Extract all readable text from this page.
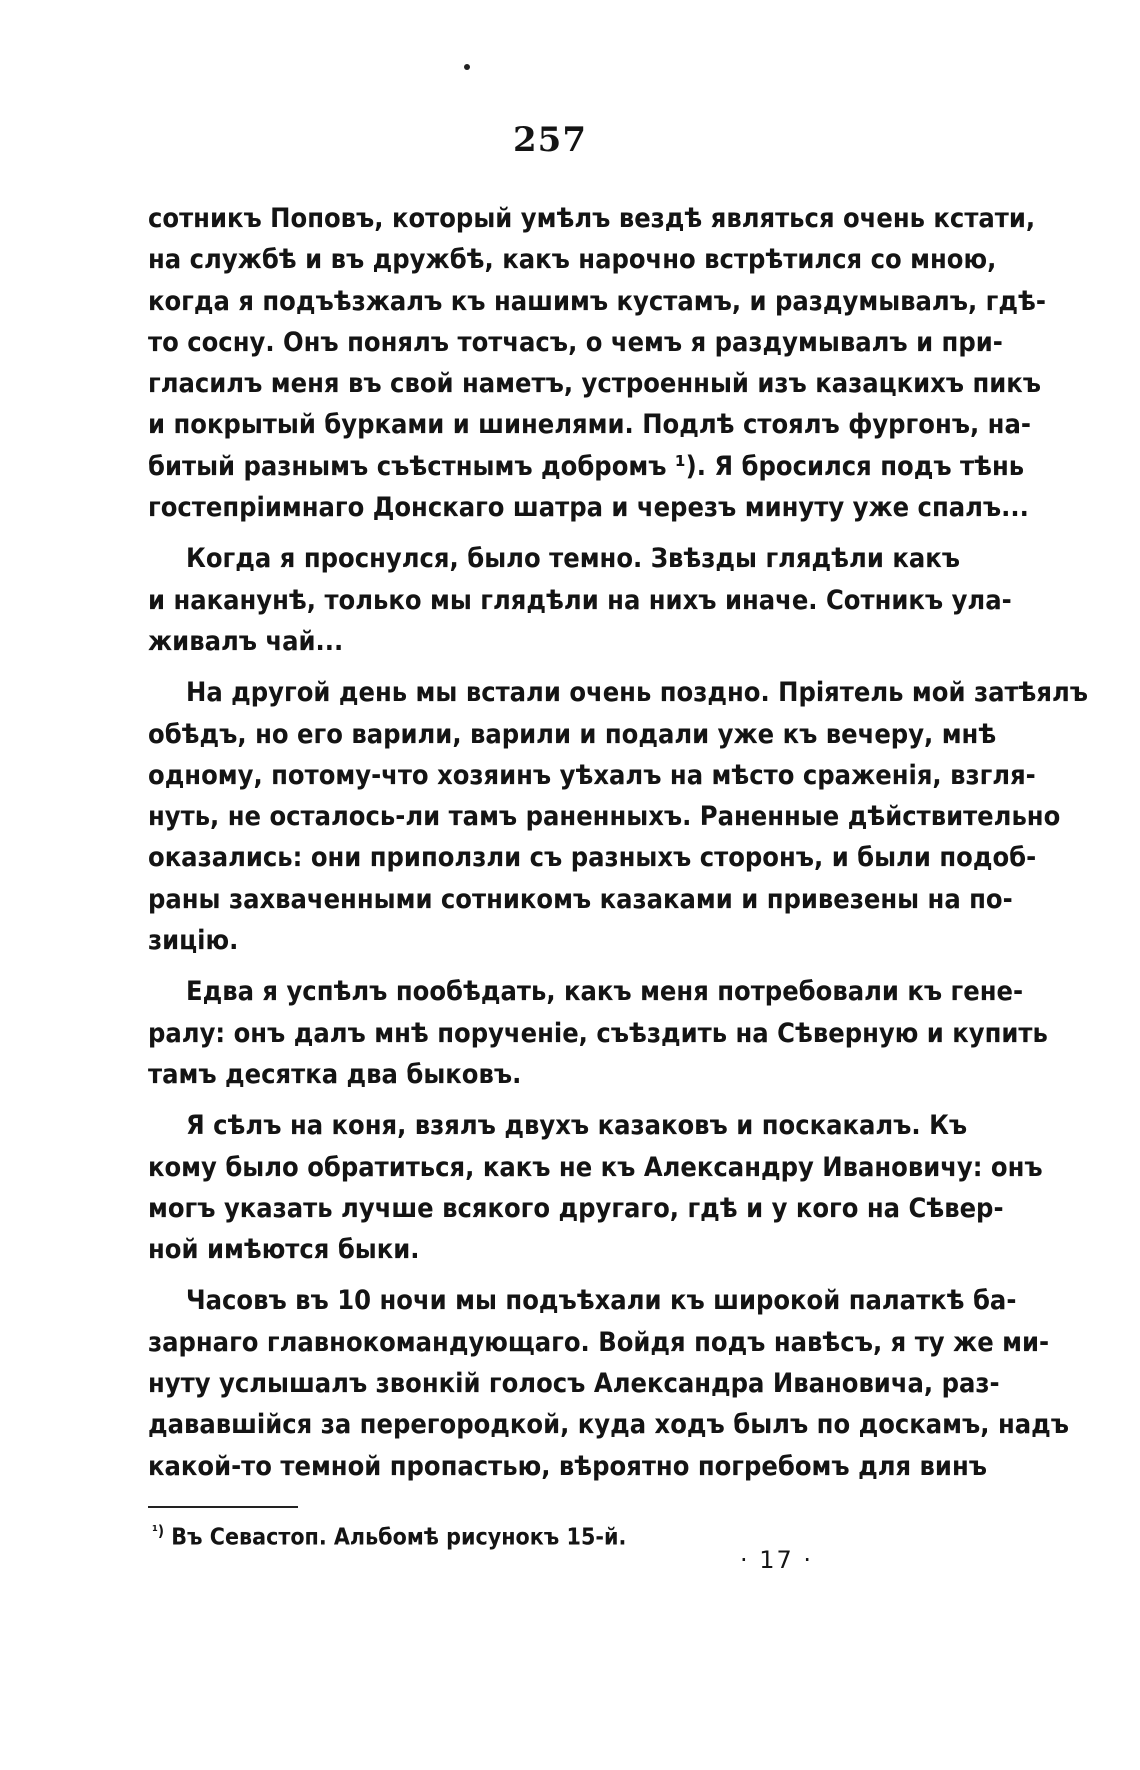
257
сотникъ Поповъ, который умѣлъ вездѣ являться очень кстати,
на службѣ и въ дружбѣ, какъ нарочно встрѣтился со мною,
когда я подъѣзжалъ къ нашимъ кустамъ, и раздумывалъ, гдѣ-
то сосну. Онъ понялъ тотчасъ, о чемъ я раздумывалъ и при-
гласилъ меня въ свой наметъ, устроенный изъ казацкихъ пикъ
и покрытый бурками и шинелями. Подлѣ стоялъ фургонъ, на-
битый разнымъ съѣстнымъ добромъ ¹). Я бросился подъ тѣнь
гостепріимнаго Донскаго шатра и черезъ минуту уже спалъ...
Когда я проснулся, было темно. Звѣзды глядѣли какъ
и наканунѣ, только мы глядѣли на нихъ иначе. Сотникъ ула-
живалъ чай...
На другой день мы встали очень поздно. Пріятель мой затѣялъ
обѣдъ, но его варили, варили и подали уже къ вечеру, мнѣ
одному, потому-что хозяинъ уѣхалъ на мѣсто сраженія, взгля-
нуть, не осталось-ли тамъ раненныхъ. Раненные дѣйствительно
оказались: они приползли съ разныхъ сторонъ, и были подоб-
раны захваченными сотникомъ казаками и привезены на по-
зицію.
Едва я успѣлъ пообѣдать, какъ меня потребовали къ гене-
ралу: онъ далъ мнѣ порученіе, съѣздить на Сѣверную и купить
тамъ десятка два быковъ.
Я сѣлъ на коня, взялъ двухъ казаковъ и поскакалъ. Къ
кому было обратиться, какъ не къ Александру Ивановичу: онъ
могъ указать лучше всякого другаго, гдѣ и у кого на Сѣвер-
ной имѣются быки.
Часовъ въ 10 ночи мы подъѣхали къ широкой палаткѣ ба-
зарнаго главнокомандующаго. Войдя подъ навѣсъ, я ту же ми-
нуту услышалъ звонкій голосъ Александра Ивановича, раз-
дававшійся за перегородкой, куда ходъ былъ по доскамъ, надъ
какой-то темной пропастью, вѣроятно погребомъ для винъ
$^{^1)}$ Въ Севастоп. Альбомѣ рисунокъ 15-й.
· 17 ·
